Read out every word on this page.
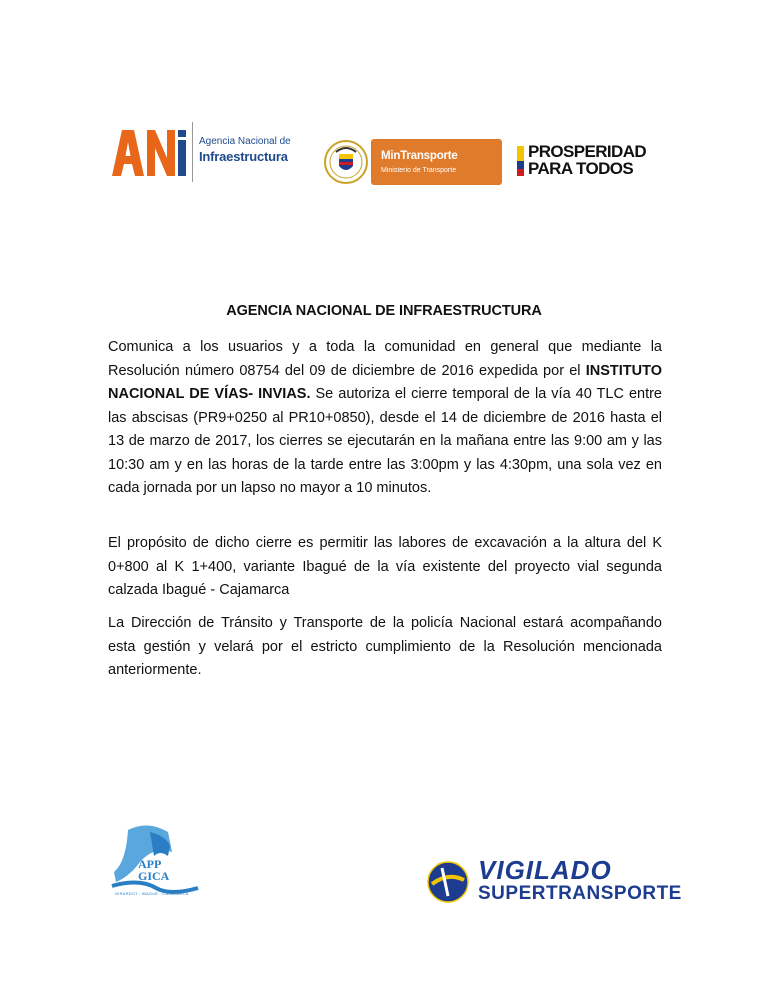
Agencia Nacional de
Infraestructura	MinTransporte
Ministerio de Transporte
PROSPERIDAD
PARA TODOS
AGENCIA NACIONAL DE INFRAESTRUCTURA
Comunica a los usuarios y a toda la comunidad en general que mediante la Resolución número 08754 del 09 de diciembre de 2016 expedida por el INSTITUTO NACIONAL DE VÍAS- INVIAS. Se autoriza el cierre temporal de la vía 40 TLC entre las abscisas (PR9+0250 al PR10+0850), desde el 14 de diciembre de 2016 hasta el 13 de marzo de 2017, los cierres se ejecutarán en la mañana entre las 9:00 am y las 10:30 am y en las horas de la tarde entre las 3:00pm y las 4:30pm, una sola vez en cada jornada por un lapso no mayor a 10 minutos.
El propósito de dicho cierre es permitir las labores de excavación a la altura del K 0+800 al K 1+400, variante Ibagué de la vía existente del proyecto vial segunda calzada Ibagué - Cajamarca
La Dirección de Tránsito y Transporte de la policía Nacional estará acompañando esta gestión y velará por el estricto cumplimiento de la Resolución mencionada anteriormente.
APP
GICA
GIRARDOT - IBAGUÉ - CAJAMARCA
VIGILADO
SUPERTRANSPORTE
